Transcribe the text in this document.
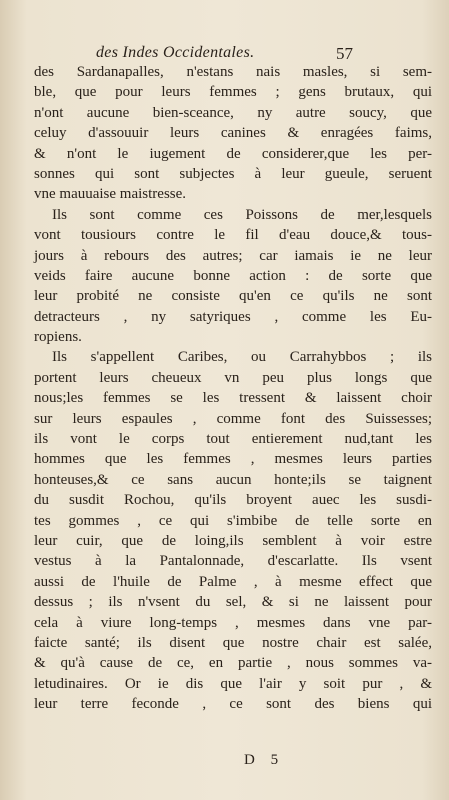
des Indes Occidentales.	57
des Sardanapalles, n'estans nais masles, si sem-
ble, que pour leurs femmes ; gens brutaux, qui
n'ont aucune bien-sceance, ny autre soucy, que
celuy d'assouuir leurs canines & enragées faims,
& n'ont le iugement de considerer,que les per-
sonnes qui sont subjectes à leur gueule, seruent
vne mauuaise maistresse.
Ils sont comme ces Poissons de mer,lesquels
vont tousiours contre le fil d'eau douce,& tous-
jours à rebours des autres; car iamais ie ne leur
veids faire aucune bonne action : de sorte que
leur probité ne consiste qu'en ce qu'ils ne sont
detracteurs , ny satyriques , comme les Eu-
ropiens.
Ils s'appellent Caribes, ou Carrahybbos ; ils
portent leurs cheueux vn peu plus longs que
nous;les femmes se les tressent & laissent choir
sur leurs espaules , comme font des Suissesses;
ils vont le corps tout entierement nud,tant les
hommes que les femmes , mesmes leurs parties
honteuses,& ce sans aucun honte;ils se taignent
du susdit Rochou, qu'ils broyent auec les susdi-
tes gommes , ce qui s'imbibe de telle sorte en
leur cuir, que de loing,ils semblent à voir estre
vestus à la Pantalonnade, d'escarlatte. Ils vsent
aussi de l'huile de Palme , à mesme effect que
dessus ; ils n'vsent du sel, & si ne laissent pour
cela à viure long-temps , mesmes dans vne par-
faicte santé; ils disent que nostre chair est salée,
& qu'à cause de ce, en partie , nous sommes va-
letudinaires. Or ie dis que l'air y soit pur , &
leur terre feconde , ce sont des biens qui
D 5
